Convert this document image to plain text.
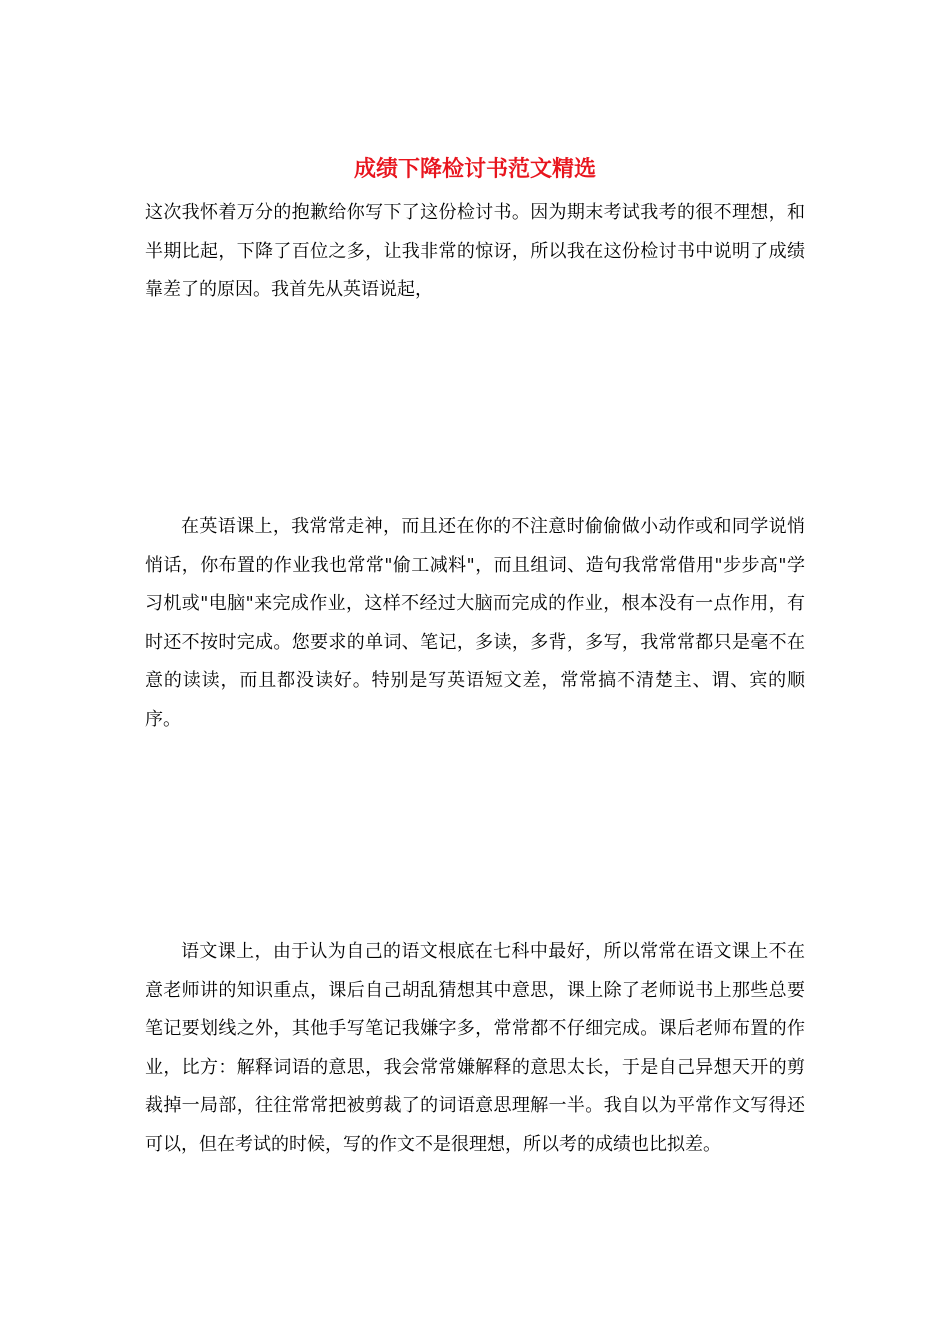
成绩下降检讨书范文精选

这次我怀着万分的抱歉给你写下了这份检讨书。因为期末考试我考的很不理想，和半期比起，下降了百位之多，让我非常的惊讶，所以我在这份检讨书中说明了成绩靠差了的原因。我首先从英语说起，

在英语课上，我常常走神，而且还在你的不注意时偷偷做小动作或和同学说悄悄话，你布置的作业我也常常"偷工减料"，而且组词、造句我常常借用"步步高"学习机或"电脑"来完成作业，这样不经过大脑而完成的作业，根本没有一点作用，有时还不按时完成。您要求的单词、笔记，多读，多背，多写，我常常都只是毫不在意的读读，而且都没读好。特别是写英语短文差，常常搞不清楚主、谓、宾的顺序。

语文课上，由于认为自己的语文根底在七科中最好，所以常常在语文课上不在意老师讲的知识重点，课后自己胡乱猜想其中意思，课上除了老师说书上那些总要笔记要划线之外，其他手写笔记我嫌字多，常常都不仔细完成。课后老师布置的作业，比方：解释词语的意思，我会常常嫌解释的意思太长，于是自己异想天开的剪裁掉一局部，往往常常把被剪裁了的词语意思理解一半。我自以为平常作文写得还可以，但在考试的时候，写的作文不是很理想，所以考的成绩也比拟差。
